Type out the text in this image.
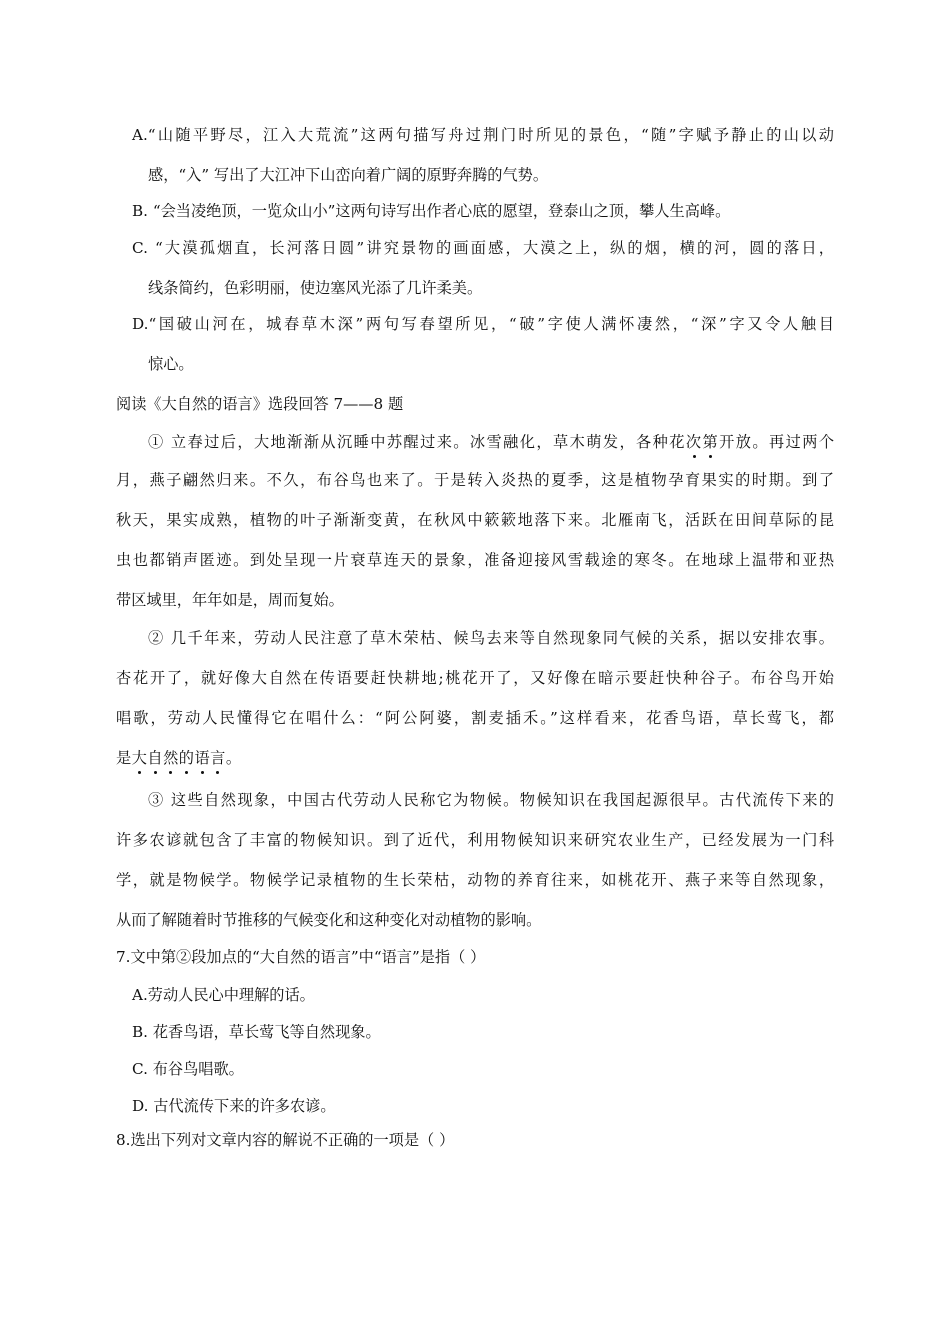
A.“山随平野尽，江入大荒流”这两句描写舟过荆门时所见的景色，“随”字赋予静止的山以动

感，“入” 写出了大江冲下山峦向着广阔的原野奔腾的气势。

B. “会当凌绝顶，一览众山小”这两句诗写出作者心底的愿望，登泰山之顶，攀人生高峰。

C. “大漠孤烟直，长河落日圆”讲究景物的画面感，大漠之上，纵的烟，横的河，圆的落日，

线条简约，色彩明丽，使边塞风光添了几许柔美。

D.“国破山河在，城春草木深”两句写春望所见，“破”字使人满怀凄然，“深”字又令人触目

惊心。

阅读《大自然的语言》选段回答 7——8 题

① 立春过后，大地渐渐从沉睡中苏醒过来。冰雪融化，草木萌发，各种花次第开放。再过两个

月，燕子翩然归来。不久，布谷鸟也来了。于是转入炎热的夏季，这是植物孕育果实的时期。到了

秋天，果实成熟，植物的叶子渐渐变黄，在秋风中簌簌地落下来。北雁南飞，活跃在田间草际的昆

虫也都销声匿迹。到处呈现一片衰草连天的景象，准备迎接风雪载途的寒冬。在地球上温带和亚热

带区域里，年年如是，周而复始。

② 几千年来，劳动人民注意了草木荣枯、候鸟去来等自然现象同气候的关系，据以安排农事。

杏花开了，就好像大自然在传语要赶快耕地;桃花开了，又好像在暗示要赶快种谷子。布谷鸟开始

唱歌，劳动人民懂得它在唱什么：“阿公阿婆，割麦插禾。”这样看来，花香鸟语，草长莺飞，都

是大自然的语言。

③ 这些自然现象，中国古代劳动人民称它为物候。物候知识在我国起源很早。古代流传下来的

许多农谚就包含了丰富的物候知识。到了近代，利用物候知识来研究农业生产，已经发展为一门科

学，就是物候学。物候学记录植物的生长荣枯，动物的养育往来，如桃花开、燕子来等自然现象，

从而了解随着时节推移的气候变化和这种变化对动植物的影响。

7.文中第②段加点的“大自然的语言”中“语言”是指（ ）

A.劳动人民心中理解的话。

B. 花香鸟语，草长莺飞等自然现象。

C. 布谷鸟唱歌。

D. 古代流传下来的许多农谚。

8.选出下列对文章内容的解说不正确的一项是（ ）
